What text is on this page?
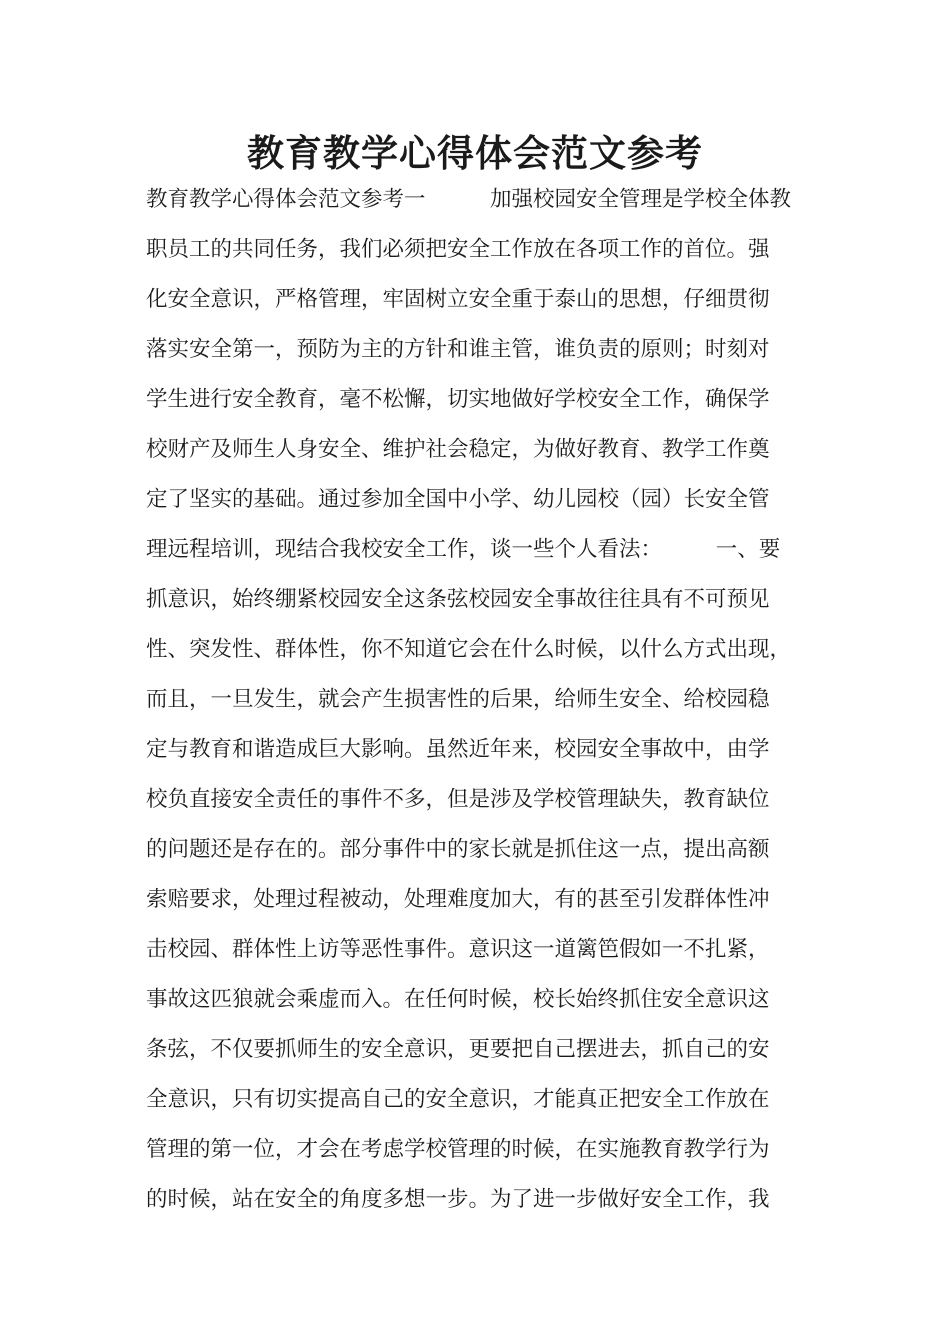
教育教学心得体会范文参考
教育教学心得体会范文参考一　　　加强校园安全管理是学校全体教
职员工的共同任务，我们必须把安全工作放在各项工作的首位。强
化安全意识，严格管理，牢固树立安全重于泰山的思想，仔细贯彻
落实安全第一，预防为主的方针和谁主管，谁负责的原则；时刻对
学生进行安全教育，毫不松懈，切实地做好学校安全工作，确保学
校财产及师生人身安全、维护社会稳定，为做好教育、教学工作奠
定了坚实的基础。通过参加全国中小学、幼儿园校（园）长安全管
理远程培训，现结合我校安全工作，谈一些个人看法：　　　一、要
抓意识，始终绷紧校园安全这条弦校园安全事故往往具有不可预见
性、突发性、群体性，你不知道它会在什么时候，以什么方式出现，
而且，一旦发生，就会产生损害性的后果，给师生安全、给校园稳
定与教育和谐造成巨大影响。虽然近年来，校园安全事故中，由学
校负直接安全责任的事件不多，但是涉及学校管理缺失，教育缺位
的问题还是存在的。部分事件中的家长就是抓住这一点，提出高额
索赔要求，处理过程被动，处理难度加大，有的甚至引发群体性冲
击校园、群体性上访等恶性事件。意识这一道篱笆假如一不扎紧，
事故这匹狼就会乘虚而入。在任何时候，校长始终抓住安全意识这
条弦，不仅要抓师生的安全意识，更要把自己摆进去，抓自己的安
全意识，只有切实提高自己的安全意识，才能真正把安全工作放在
管理的第一位，才会在考虑学校管理的时候，在实施教育教学行为
的时候，站在安全的角度多想一步。为了进一步做好安全工作，我
